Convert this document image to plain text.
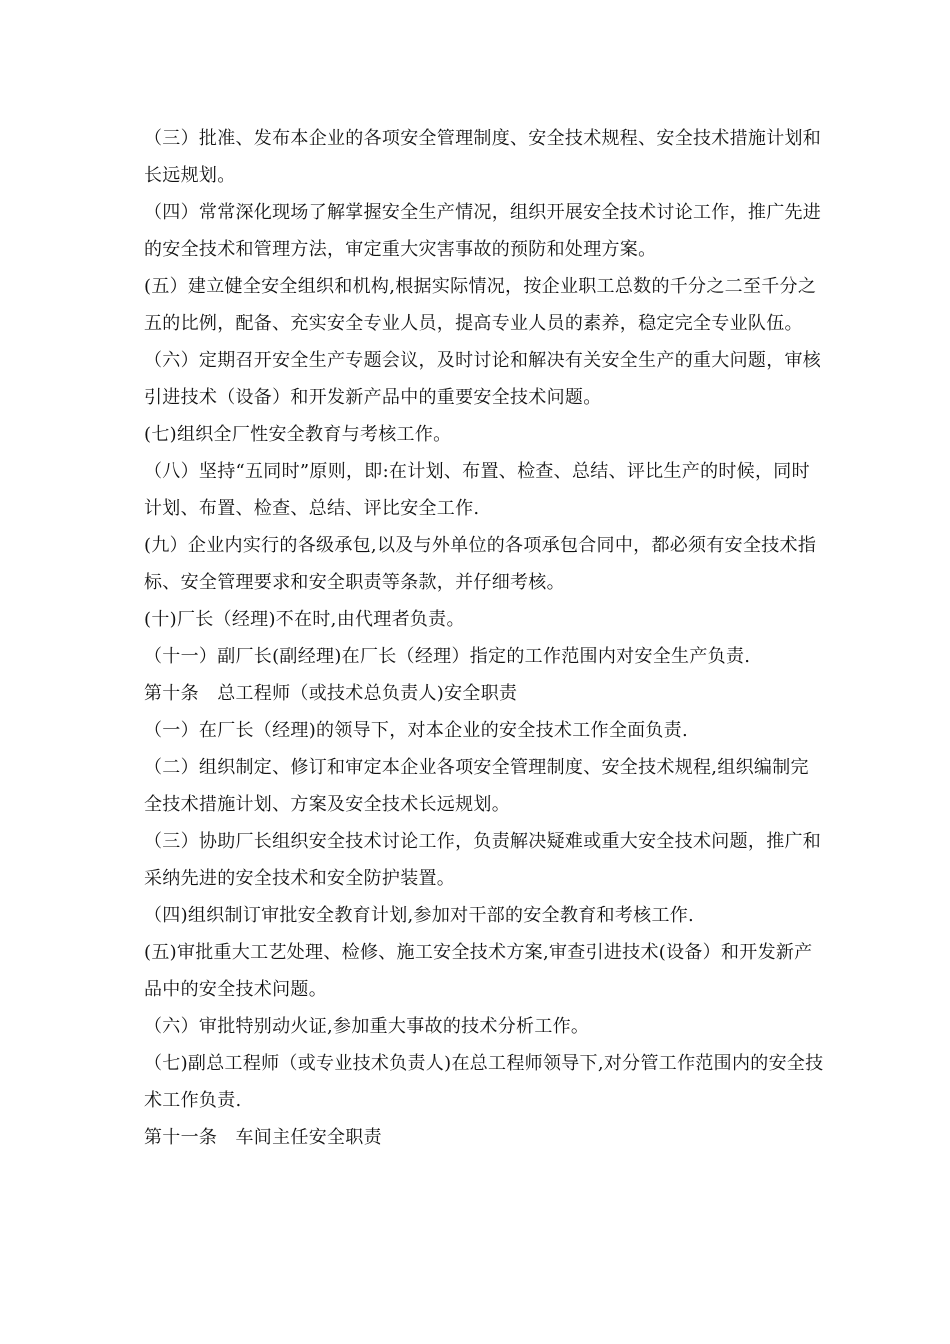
（三）批准、发布本企业的各项安全管理制度、安全技术规程、安全技术措施计划和长远规划。

（四）常常深化现场了解掌握安全生产情况，组织开展安全技术讨论工作，推广先进的安全技术和管理方法，审定重大灾害事故的预防和处理方案。

(五）建立健全安全组织和机构,根据实际情况，按企业职工总数的千分之二至千分之五的比例，配备、充实安全专业人员，提高专业人员的素养，稳定完全专业队伍。

（六）定期召开安全生产专题会议，及时讨论和解决有关安全生产的重大问题，审核引进技术（设备）和开发新产品中的重要安全技术问题。

(七)组织全厂性安全教育与考核工作。

（八）坚持“五同时”原则，即:在计划、布置、检查、总结、评比生产的时候，同时计划、布置、检查、总结、评比安全工作.

(九）企业内实行的各级承包,以及与外单位的各项承包合同中，都必须有安全技术指标、安全管理要求和安全职责等条款，并仔细考核。

(十)厂长（经理)不在时,由代理者负责。

（十一）副厂长(副经理)在厂长（经理）指定的工作范围内对安全生产负责.

第十条　总工程师（或技术总负责人)安全职责

（一）在厂长（经理)的领导下，对本企业的安全技术工作全面负责.

（二）组织制定、修订和审定本企业各项安全管理制度、安全技术规程,组织编制完全技术措施计划、方案及安全技术长远规划。

（三）协助厂长组织安全技术讨论工作，负责解决疑难或重大安全技术问题，推广和采纳先进的安全技术和安全防护装置。

（四)组织制订审批安全教育计划,参加对干部的安全教育和考核工作.

(五)审批重大工艺处理、检修、施工安全技术方案,审查引进技术(设备）和开发新产品中的安全技术问题。

（六）审批特别动火证,参加重大事故的技术分析工作。

（七)副总工程师（或专业技术负责人)在总工程师领导下,对分管工作范围内的安全技术工作负责.

第十一条　车间主任安全职责
